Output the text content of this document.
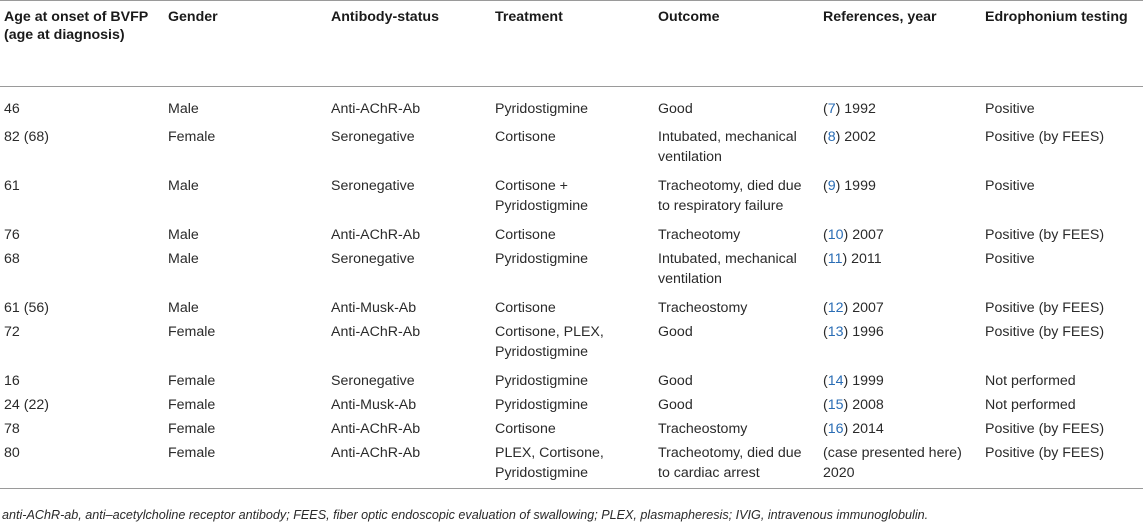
Age at onset of BVFP (age at diagnosis)	Gender	Antibody-status	Treatment	Outcome	References, year	Edrophonium testing
46	Male	Anti-AChR-Ab	Pyridostigmine	Good	(7) 1992	Positive
82 (68)	Female	Seronegative	Cortisone	Intubated, mechanical ventilation	(8) 2002	Positive (by FEES)
61	Male	Seronegative	Cortisone + Pyridostigmine	Tracheotomy, died due to respiratory failure	(9) 1999	Positive
76	Male	Anti-AChR-Ab	Cortisone	Tracheotomy	(10) 2007	Positive (by FEES)
68	Male	Seronegative	Pyridostigmine	Intubated, mechanical ventilation	(11) 2011	Positive
61 (56)	Male	Anti-Musk-Ab	Cortisone	Tracheostomy	(12) 2007	Positive (by FEES)
72	Female	Anti-AChR-Ab	Cortisone, PLEX, Pyridostigmine	Good	(13) 1996	Positive (by FEES)
16	Female	Seronegative	Pyridostigmine	Good	(14) 1999	Not performed
24 (22)	Female	Anti-Musk-Ab	Pyridostigmine	Good	(15) 2008	Not performed
78	Female	Anti-AChR-Ab	Cortisone	Tracheostomy	(16) 2014	Positive (by FEES)
80	Female	Anti-AChR-Ab	PLEX, Cortisone, Pyridostigmine	Tracheotomy, died due to cardiac arrest	(case presented here) 2020	Positive (by FEES)
anti-AChR-ab, anti–acetylcholine receptor antibody; FEES, fiber optic endoscopic evaluation of swallowing; PLEX, plasmapheresis; IVIG, intravenous immunoglobulin.
